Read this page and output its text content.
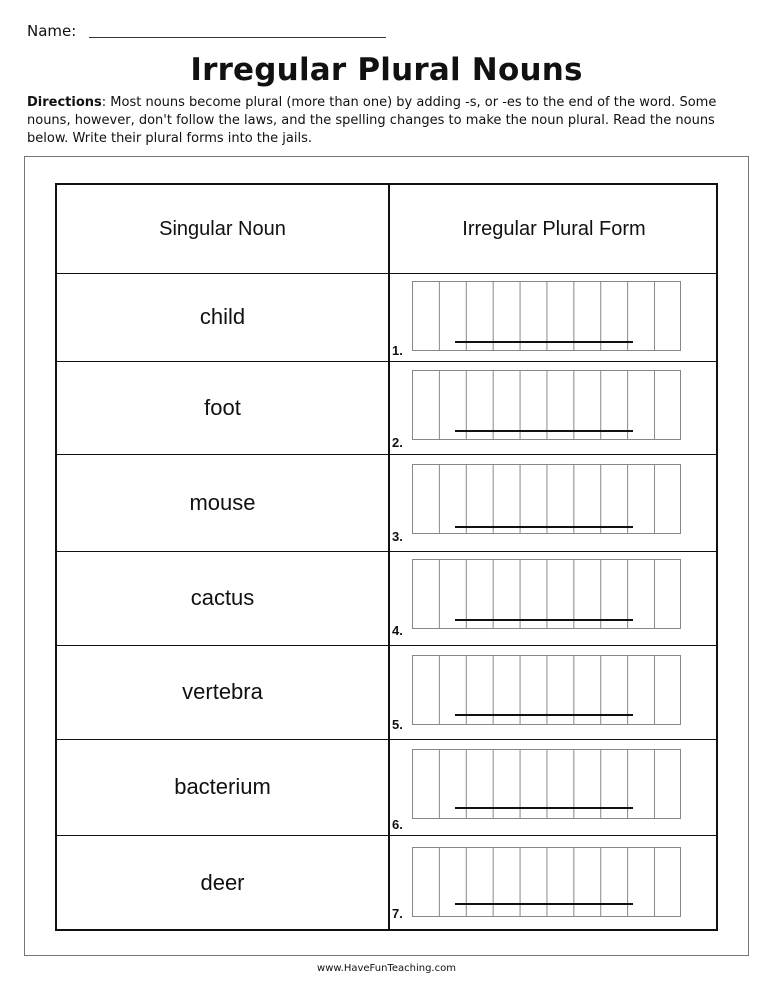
Name:
Irregular Plural Nouns
Directions: Most nouns become plural (more than one) by adding -s, or -es to the end of the word. Some nouns, however, don't follow the laws, and the spelling changes to make the noun plural. Read the nouns below. Write their plural forms into the jails.
Singular Noun	Irregular Plural Form
child
1.
foot
2.
mouse
3.
cactus
4.
vertebra
5.
bacterium
6.
deer
7.
www.HaveFunTeaching.com
